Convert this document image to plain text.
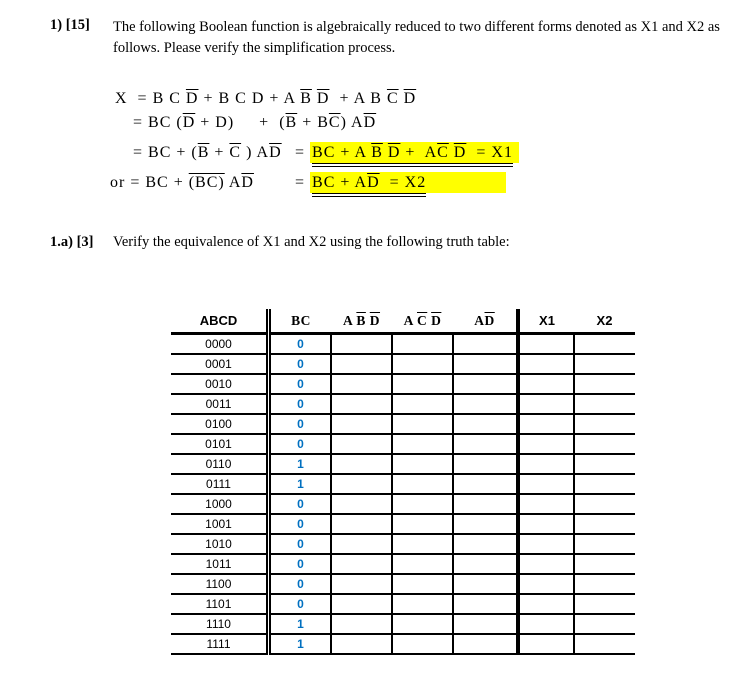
1) [15] The following Boolean function is algebraically reduced to two different forms denoted as X1 and X2 as follows. Please verify the simplification process.
X  = B C $\overline{D} + B$ C D + A $\overline{B}$ $\overline{D} + A$ B $\overline{C}$ $\overline{D}$
= BC $(\overline{D} + D)$     +  $(\overline{B} + B\overline{C})$ $A\overline{D}$
= BC + ($\overline{B} + \overline{C}$ ) $A\overline{D}$ = BC + A $\overline{B}$ $\overline{D} + A\overline{C}$ $\overline{D} = X1$
or = BC + (BC) $A\overline{D}$	= BC + $A\overline{D} = X2$
1.a) [3] Verify the equivalence of X1 and X2 using the following truth table:
ABCD	BC	A $\overline{B}$ $\overline{D}$	A $\overline{C}$ $\overline{D}$	$A\overline{D}$	X1	X2
0000	0					
0001	0					
0010	0					
0011	0					
0100	0					
0101	0					
0110	1					
0111	1					
1000	0					
1001	0					
1010	0					
1011	0					
1100	0					
1101	0					
1110	1					
1111	1					
